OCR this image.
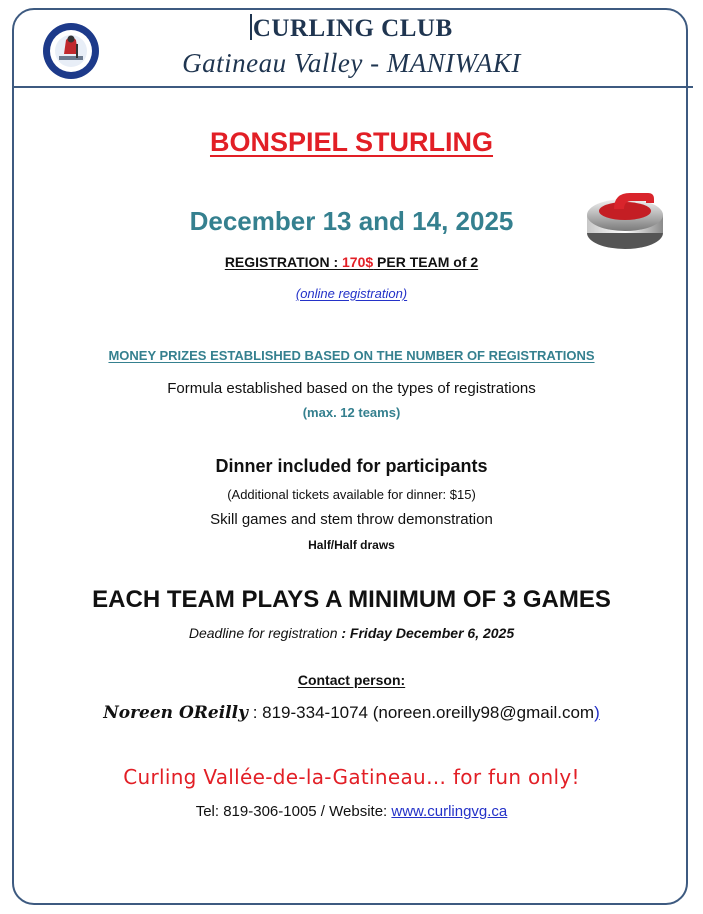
CURLING CLUB
Gatineau Valley - MANIWAKI
BONSPIEL STURLING
December 13 and 14, 2025
REGISTRATION : 170$ PER TEAM of 2
(online registration)
MONEY PRIZES ESTABLISHED BASED ON THE NUMBER OF REGISTRATIONS
Formula established based on the types of registrations
(max. 12 teams)
Dinner included for participants
(Additional tickets available for dinner: $15)
Skill games and stem throw demonstration
Half/Half draws
EACH TEAM PLAYS A MINIMUM OF 3 GAMES
Deadline for registration : Friday December 6, 2025
Contact person:
Noreen OReilly : 819-334-1074 (noreen.oreilly98@gmail.com)
Curling Vallée-de-la-Gatineau… for fun only!
Tel: 819-306-1005 / Website: www.curlingvg.ca
